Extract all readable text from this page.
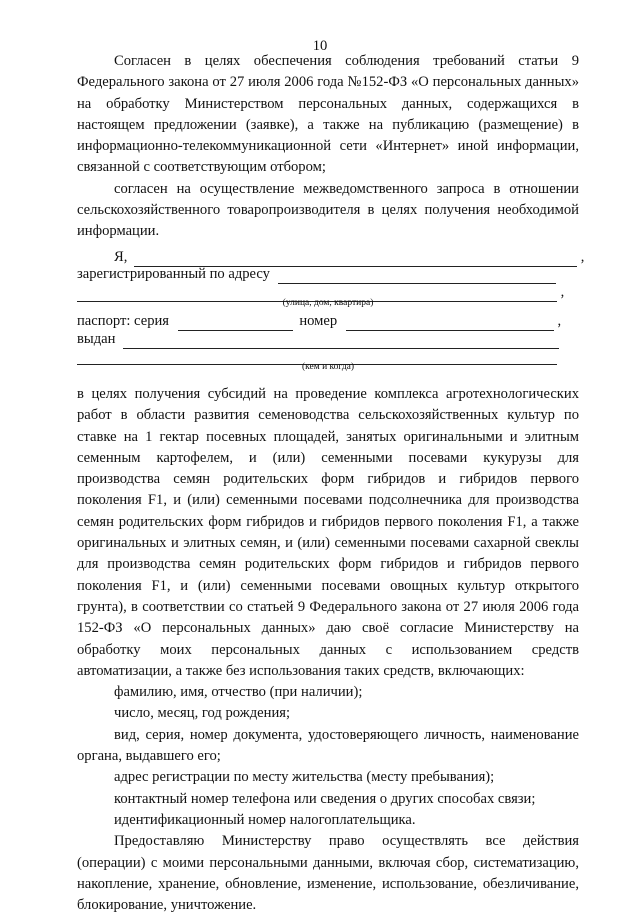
10

Согласен в целях обеспечения соблюдения требований статьи 9 Федерального закона от 27 июля 2006 года №152-ФЗ «О персональных данных» на обработку Министерством персональных данных, содержащихся в настоящем предложении (заявке), а также на публикацию (размещение) в информационно-телекоммуникационной сети «Интернет» иной информации, связанной с соответствующим отбором;

согласен на осуществление межведомственного запроса в отношении сельскохозяйственного товаропроизводителя в целях получения необходимой информации.

Я,	,
зарегистрированный по адресу
,
(улица, дом, квартира)
паспорт: серия	номер	,
выдан
(кем и когда)

в целях получения субсидий на проведение комплекса агротехнологических работ в области развития семеноводства сельскохозяйственных культур по ставке на 1 гектар посевных площадей, занятых оригинальными и элитным семенным картофелем, и (или) семенными посевами кукурузы для производства семян родительских форм гибридов и гибридов первого поколения F1, и (или) семенными посевами подсолнечника для производства семян родительских форм гибридов и гибридов первого поколения F1, а также оригинальных и элитных семян, и (или) семенными посевами сахарной свеклы для производства семян родительских форм гибридов и гибридов первого поколения F1, и (или) семенными посевами овощных культур открытого грунта), в соответствии со статьей 9 Федерального закона от 27 июля 2006 года 152-ФЗ «О персональных данных» даю своё согласие Министерству на обработку моих персональных данных с использованием средств автоматизации, а также без использования таких средств, включающих:

фамилию, имя, отчество (при наличии);

число, месяц, год рождения;

вид, серия, номер документа, удостоверяющего личность, наименование органа, выдавшего его;

адрес регистрации по месту жительства (месту пребывания);

контактный номер телефона или сведения о других способах связи;

идентификационный номер налогоплательщика.

Предоставляю Министерству право осуществлять все действия (операции) с моими персональными данными, включая сбор, систематизацию, накопление, хранение, обновление, изменение, использование, обезличивание, блокирование, уничтожение.
